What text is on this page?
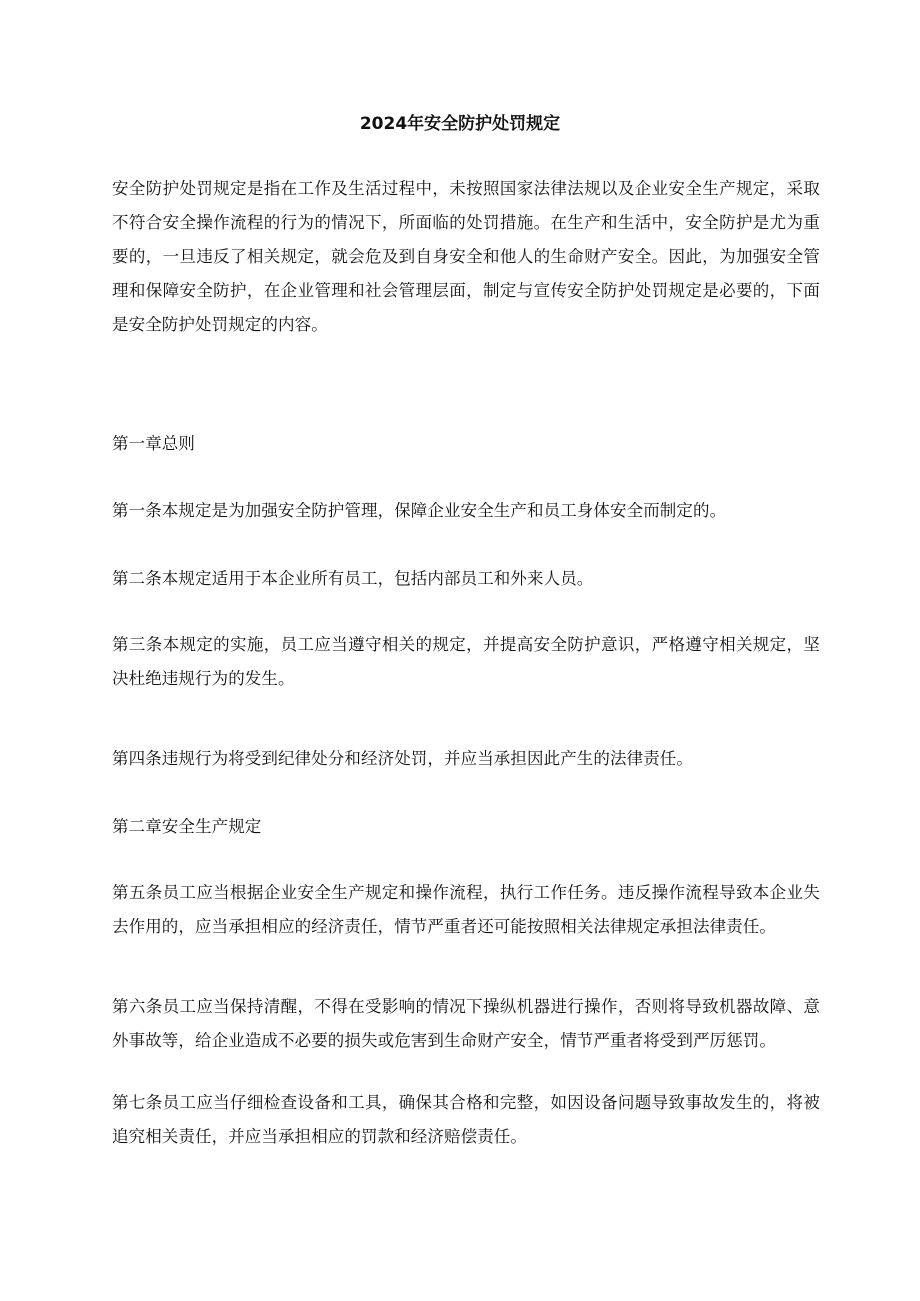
2024年安全防护处罚规定

安全防护处罚规定是指在工作及生活过程中，未按照国家法律法规以及企业安全生产规定，采取不符合安全操作流程的行为的情况下，所面临的处罚措施。在生产和生活中，安全防护是尤为重要的，一旦违反了相关规定，就会危及到自身安全和他人的生命财产安全。因此，为加强安全管理和保障安全防护，在企业管理和社会管理层面，制定与宣传安全防护处罚规定是必要的，下面是安全防护处罚规定的内容。

第一章总则

第一条本规定是为加强安全防护管理，保障企业安全生产和员工身体安全而制定的。

第二条本规定适用于本企业所有员工，包括内部员工和外来人员。

第三条本规定的实施，员工应当遵守相关的规定，并提高安全防护意识，严格遵守相关规定，坚决杜绝违规行为的发生。

第四条违规行为将受到纪律处分和经济处罚，并应当承担因此产生的法律责任。

第二章安全生产规定

第五条员工应当根据企业安全生产规定和操作流程，执行工作任务。违反操作流程导致本企业失去作用的，应当承担相应的经济责任，情节严重者还可能按照相关法律规定承担法律责任。

第六条员工应当保持清醒，不得在受影响的情况下操纵机器进行操作，否则将导致机器故障、意外事故等，给企业造成不必要的损失或危害到生命财产安全，情节严重者将受到严厉惩罚。

第七条员工应当仔细检查设备和工具，确保其合格和完整，如因设备问题导致事故发生的，将被追究相关责任，并应当承担相应的罚款和经济赔偿责任。
